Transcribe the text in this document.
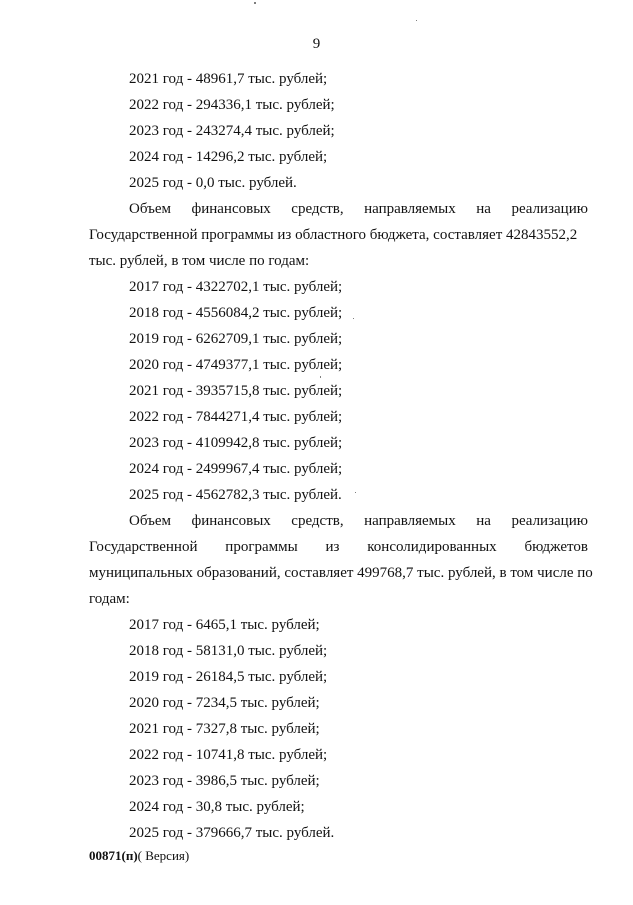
9
2021 год - 48961,7 тыс. рублей;
2022 год - 294336,1 тыс. рублей;
2023 год - 243274,4 тыс. рублей;
2024 год - 14296,2 тыс. рублей;
2025 год - 0,0 тыс. рублей.
Объем финансовых средств, направляемых на реализацию
Государственной программы из областного бюджета, составляет 42843552,2
тыс. рублей, в том числе по годам:
2017 год - 4322702,1 тыс. рублей;
2018 год - 4556084,2 тыс. рублей;
2019 год - 6262709,1 тыс. рублей;
2020 год - 4749377,1 тыс. рублей;
2021 год - 3935715,8 тыс. рублей;
2022 год - 7844271,4 тыс. рублей;
2023 год - 4109942,8 тыс. рублей;
2024 год - 2499967,4 тыс. рублей;
2025 год - 4562782,3 тыс. рублей.
Объем финансовых средств, направляемых на реализацию
Государственной программы из консолидированных бюджетов
муниципальных образований, составляет 499768,7 тыс. рублей, в том числе по
годам:
2017 год - 6465,1 тыс. рублей;
2018 год - 58131,0 тыс. рублей;
2019 год - 26184,5 тыс. рублей;
2020 год - 7234,5 тыс. рублей;
2021 год - 7327,8 тыс. рублей;
2022 год - 10741,8 тыс. рублей;
2023 год - 3986,5 тыс. рублей;
2024 год - 30,8 тыс. рублей;
2025 год - 379666,7 тыс. рублей.
00871(п)( Версия)
